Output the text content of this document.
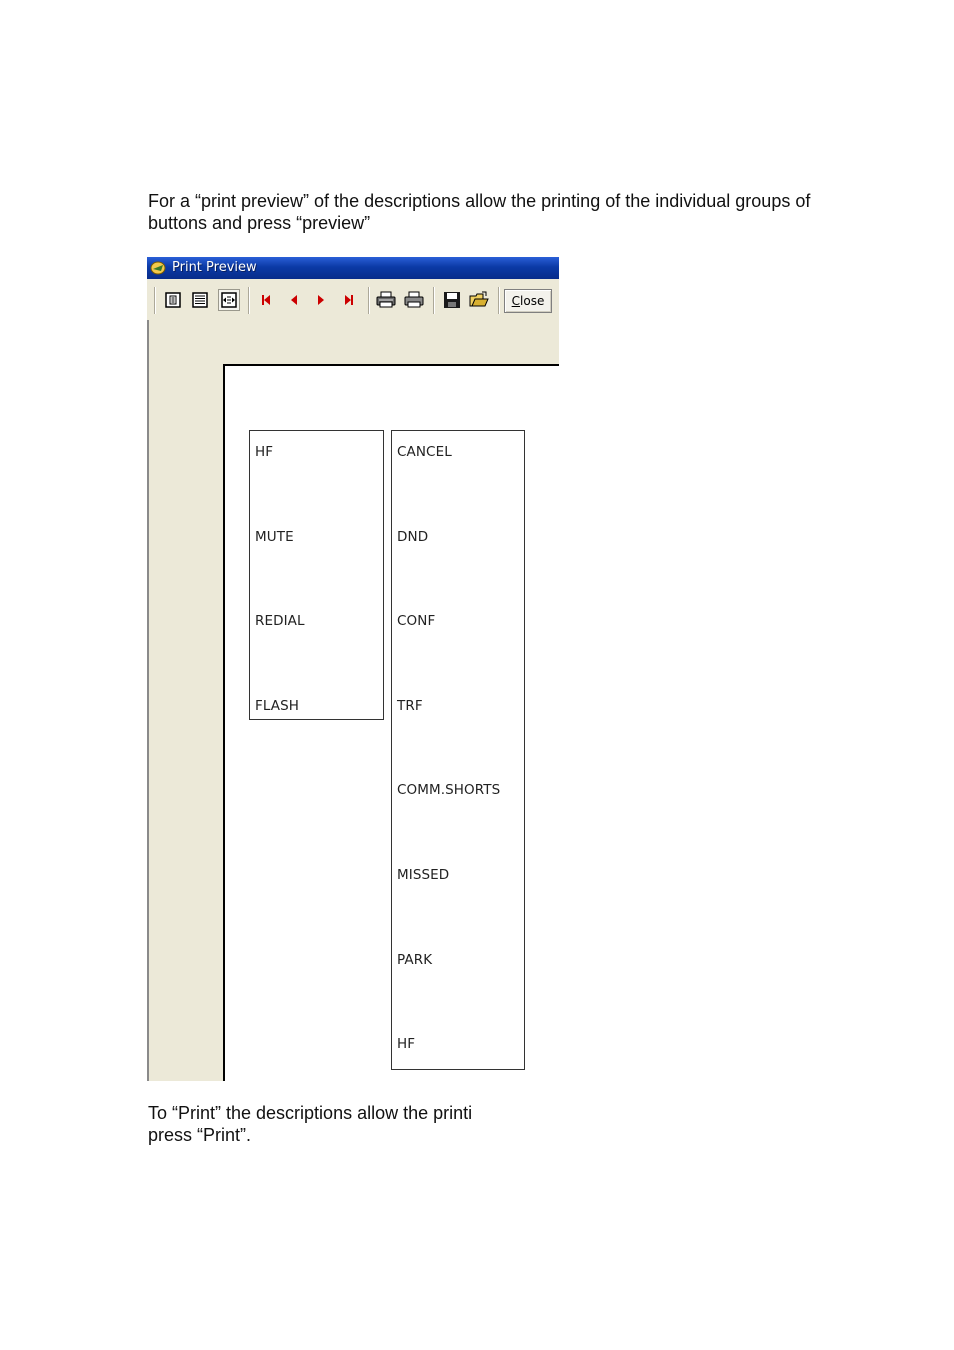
For a “print preview” of the descriptions allow the printing of the individual groups of buttons and press “preview”

Print Preview
C lose
HF
MUTE
REDIAL
FLASH
CANCEL
DND
CONF
TRF
COMM.SHORTS
MISSED
PARK
HF

To “Print” the descriptions allow the printi
press “Print”.
